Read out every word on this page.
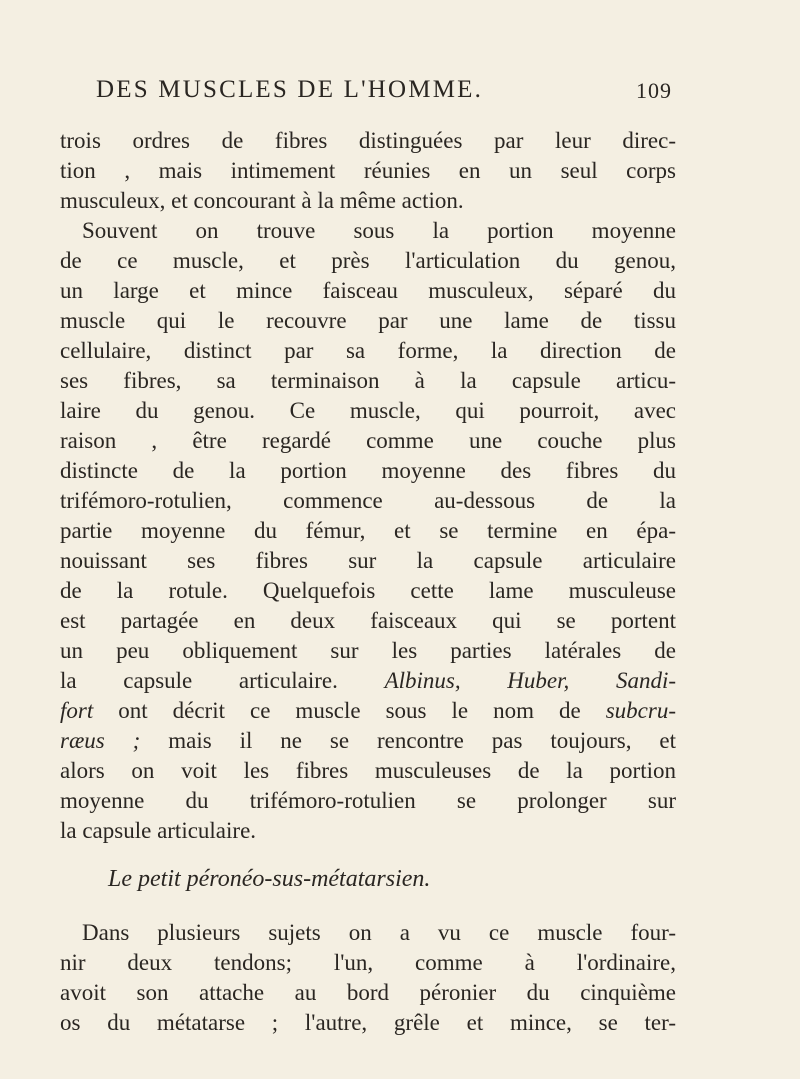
DES MUSCLES DE L'HOMME.	109
trois ordres de fibres distinguées par leur direc-
tion , mais intimement réunies en un seul corps
musculeux, et concourant à la même action.
Souvent on trouve sous la portion moyenne
de ce muscle, et près l'articulation du genou,
un large et mince faisceau musculeux, séparé du
muscle qui le recouvre par une lame de tissu
cellulaire, distinct par sa forme, la direction de
ses fibres, sa terminaison à la capsule articu-
laire du genou. Ce muscle, qui pourroit, avec
raison , être regardé comme une couche plus
distincte de la portion moyenne des fibres du
trifémoro-rotulien, commence au-dessous de la
partie moyenne du fémur, et se termine en épa-
nouissant ses fibres sur la capsule articulaire
de la rotule. Quelquefois cette lame musculeuse
est partagée en deux faisceaux qui se portent
un peu obliquement sur les parties latérales de
la capsule articulaire. Albinus, Huber, Sandi-
fort ont décrit ce muscle sous le nom de subcru-
ræus ; mais il ne se rencontre pas toujours, et
alors on voit les fibres musculeuses de la portion
moyenne du trifémoro-rotulien se prolonger sur
la capsule articulaire.
Le petit péronéo-sus-métatarsien.
Dans plusieurs sujets on a vu ce muscle four-
nir deux tendons; l'un, comme à l'ordinaire,
avoit son attache au bord péronier du cinquième
os du métatarse ; l'autre, grêle et mince, se ter-
